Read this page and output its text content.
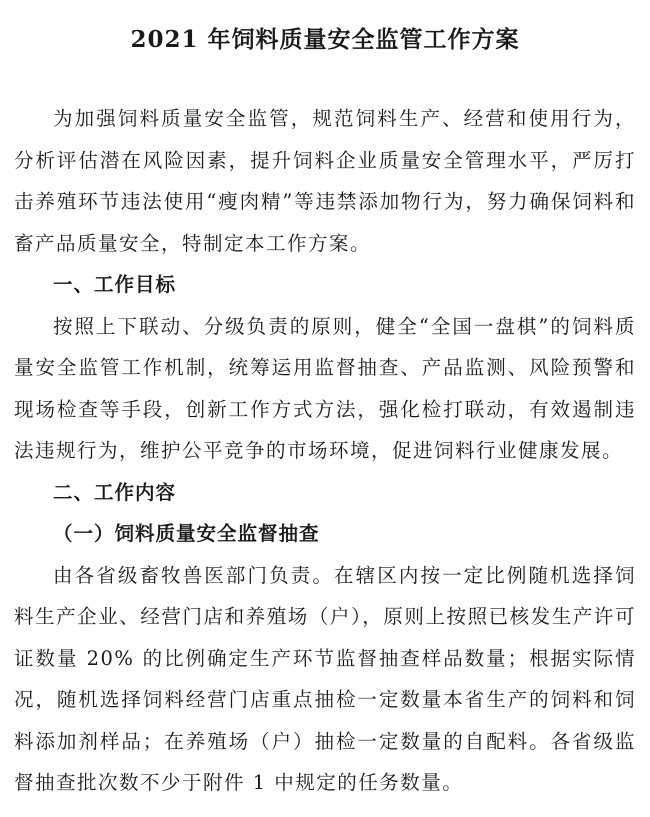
2021 年饲料质量安全监管工作方案

为加强饲料质量安全监管，规范饲料生产、经营和使用行为，分析评估潜在风险因素，提升饲料企业质量安全管理水平，严厉打击养殖环节违法使用“瘦肉精”等违禁添加物行为，努力确保饲料和畜产品质量安全，特制定本工作方案。

一、工作目标

按照上下联动、分级负责的原则，健全“全国一盘棋”的饲料质量安全监管工作机制，统筹运用监督抽查、产品监测、风险预警和现场检查等手段，创新工作方式方法，强化检打联动，有效遏制违法违规行为，维护公平竞争的市场环境，促进饲料行业健康发展。

二、工作内容

（一）饲料质量安全监督抽查

由各省级畜牧兽医部门负责。在辖区内按一定比例随机选择饲料生产企业、经营门店和养殖场（户），原则上按照已核发生产许可证数量 20% 的比例确定生产环节监督抽查样品数量；根据实际情况，随机选择饲料经营门店重点抽检一定数量本省生产的饲料和饲料添加剂样品；在养殖场（户）抽检一定数量的自配料。各省级监督抽查批次数不少于附件 1 中规定的任务数量。
